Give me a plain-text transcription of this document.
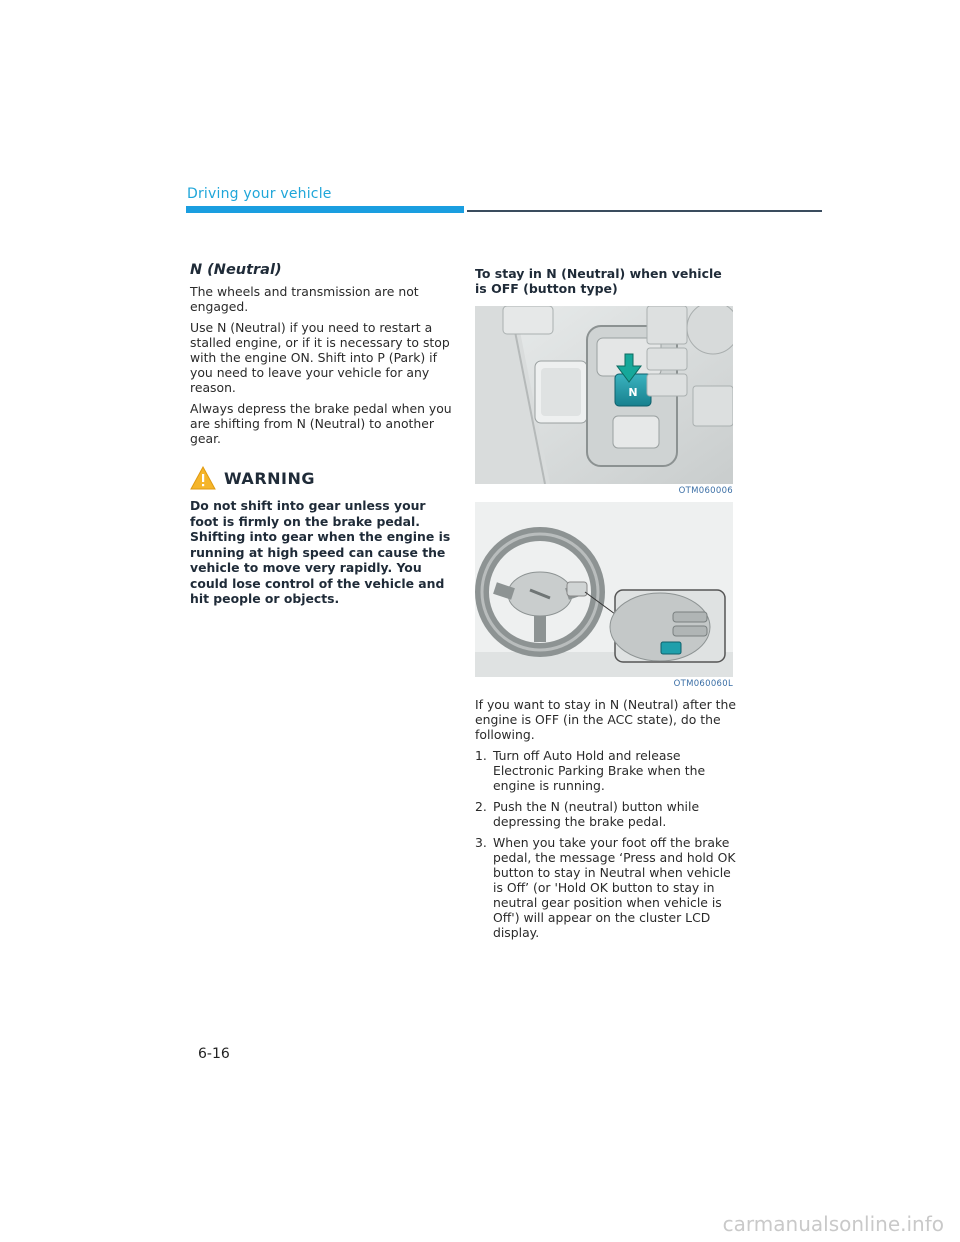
Driving your vehicle
N (Neutral)

The wheels and transmission are not engaged.

Use N (Neutral) if you need to restart a stalled engine, or if it is necessary to stop with the engine ON. Shift into P (Park) if you need to leave your vehicle for any reason.

Always depress the brake pedal when you are shifting from N (Neutral) to another gear.

WARNING

Do not shift into gear unless your foot is firmly on the brake pedal. Shifting into gear when the engine is running at high speed can cause the vehicle to move very rapidly. You could lose control of the vehicle and hit people or objects.

To stay in N (Neutral) when vehicle is OFF (button type)
N
OTM060006
OTM060060L

If you want to stay in N (Neutral) after the engine is OFF (in the ACC state), do the following.

1. Turn off Auto Hold and release Electronic Parking Brake when the engine is running.
2. Push the N (neutral) button while depressing the brake pedal.
3. When you take your foot off the brake pedal, the message ‘Press and hold OK button to stay in Neutral when vehicle is Off’ (or 'Hold OK button to stay in neutral gear position when vehicle is Off') will appear on the cluster LCD display.
6-16
carmanualsonline.info
